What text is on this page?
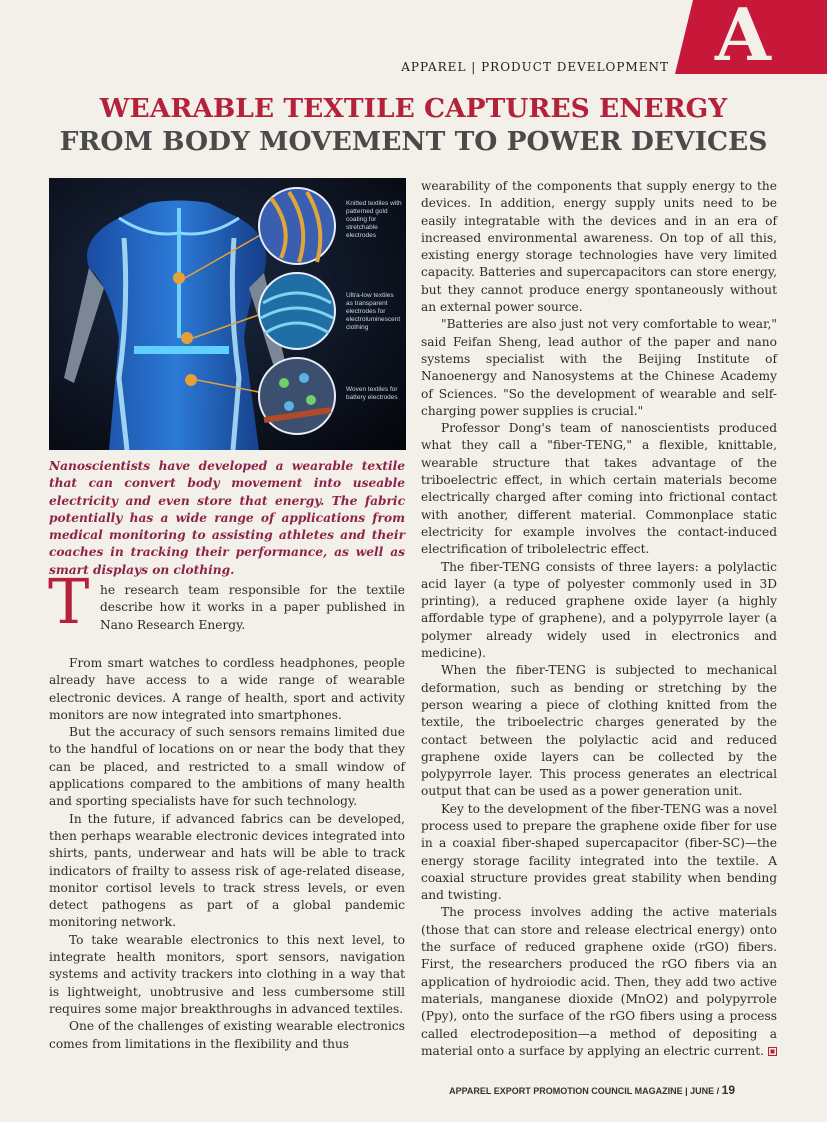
A
APPAREL | PRODUCT DEVELOPMENT
WEARABLE TEXTILE CAPTURES ENERGY
FROM BODY MOVEMENT TO POWER DEVICES
Knitted textiles with patterned gold coating for stretchable electrodes
Ultra-low textiles as transparent electrodes for electroluminescent clothing
Woven textiles for battery electrodes
Nanoscientists have developed a wearable textile that can convert body movement into useable electricity and even store that energy. The fabric potentially has a wide range of applications from medical monitoring to assisting athletes and their coaches in tracking their performance, as well as smart displays on clothing.
T he research team responsible for the textile describe how it works in a paper published in Nano Research Energy.

From smart watches to cordless headphones, people already have access to a wide range of wearable electronic devices. A range of health, sport and activity monitors are now integrated into smartphones.

But the accuracy of such sensors remains limited due to the handful of locations on or near the body that they can be placed, and restricted to a small window of applications compared to the ambitions of many health and sporting specialists have for such technology.

In the future, if advanced fabrics can be developed, then perhaps wearable electronic devices integrated into shirts, pants, underwear and hats will be able to track indicators of frailty to assess risk of age-related disease, monitor cortisol levels to track stress levels, or even detect pathogens as part of a global pandemic monitoring network.

To take wearable electronics to this next level, to integrate health monitors, sport sensors, navigation systems and activity trackers into clothing in a way that is lightweight, unobtrusive and less cumbersome still requires some major breakthroughs in advanced textiles.

One of the challenges of existing wearable electronics comes from limitations in the flexibility and thus

wearability of the components that supply energy to the devices. In addition, energy supply units need to be easily integratable with the devices and in an era of increased environmental awareness. On top of all this, existing energy storage technologies have very limited capacity. Batteries and supercapacitors can store energy, but they cannot produce energy spontaneously without an external power source.

"Batteries are also just not very comfortable to wear," said Feifan Sheng, lead author of the paper and nano systems specialist with the Beijing Institute of Nanoenergy and Nanosystems at the Chinese Academy of Sciences. "So the development of wearable and self-charging power supplies is crucial."

Professor Dong's team of nanoscientists produced what they call a "fiber-TENG," a flexible, knittable, wearable structure that takes advantage of the triboelectric effect, in which certain materials become electrically charged after coming into frictional contact with another, different material. Commonplace static electricity for example involves the contact-induced electrification of tribolelectric effect.

The fiber-TENG consists of three layers: a polylactic acid layer (a type of polyester commonly used in 3D printing), a reduced graphene oxide layer (a highly affordable type of graphene), and a polypyrrole layer (a polymer already widely used in electronics and medicine).

When the fiber-TENG is subjected to mechanical deformation, such as bending or stretching by the person wearing a piece of clothing knitted from the textile, the triboelectric charges generated by the contact between the polylactic acid and reduced graphene oxide layers can be collected by the polypyrrole layer. This process generates an electrical output that can be used as a power generation unit.

Key to the development of the fiber-TENG was a novel process used to prepare the graphene oxide fiber for use in a coaxial fiber-shaped supercapacitor (fiber-SC)—the energy storage facility integrated into the textile. A coaxial structure provides great stability when bending and twisting.

The process involves adding the active materials (those that can store and release electrical energy) onto the surface of reduced graphene oxide (rGO) fibers. First, the researchers produced the rGO fibers via an application of hydroiodic acid. Then, they add two active materials, manganese dioxide (MnO2) and polypyrrole (Ppy), onto the surface of the rGO fibers using a process called electrodeposition—a method of depositing a material onto a surface by applying an electric current.

APPAREL EXPORT PROMOTION COUNCIL MAGAZINE | JUNE / 19
